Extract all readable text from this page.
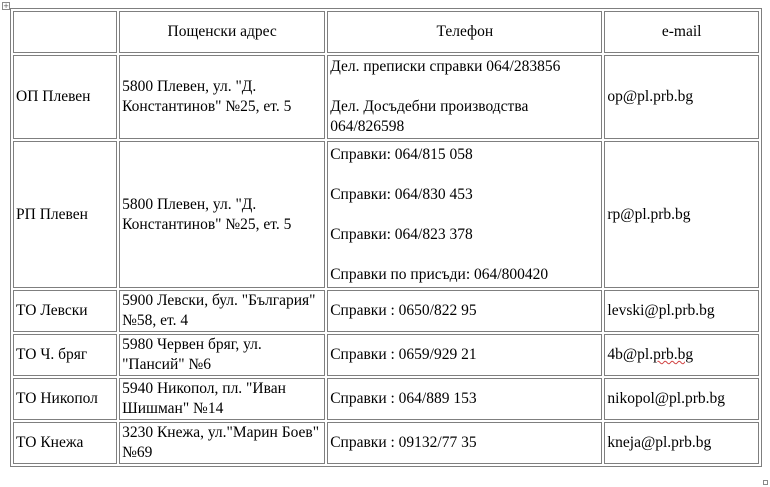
+
	Пощенски адрес	Телефон	e-mail
ОП Плевен	5800 Плевен, ул. "Д. Константинов" №25, ет. 5	Дел. преписки справки 064/283856

Дел. Досъдебни производства 064/826598	op@pl.prb.bg
РП Плевен	5800 Плевен, ул. "Д. Константинов" №25, ет. 5	Справки: 064/815 058

Справки: 064/830 453

Справки: 064/823 378

Справки по присъди: 064/800420	rp@pl.prb.bg
ТО Левски	5900 Левски, бул. "България" №58, ет. 4	Справки : 0650/822 95	levski@pl.prb.bg
ТО Ч. бряг	5980 Червен бряг, ул. "Пансий" №6	Справки : 0659/929 21	4b@pl.prb.bg
ТО Никопол	5940 Никопол, пл. "Иван Шишман" №14	Справки : 064/889 153	nikopol@pl.prb.bg
ТО Кнежа	3230 Кнежа, ул."Марин Боев" №69	Справки : 09132/77 35	kneja@pl.prb.bg
